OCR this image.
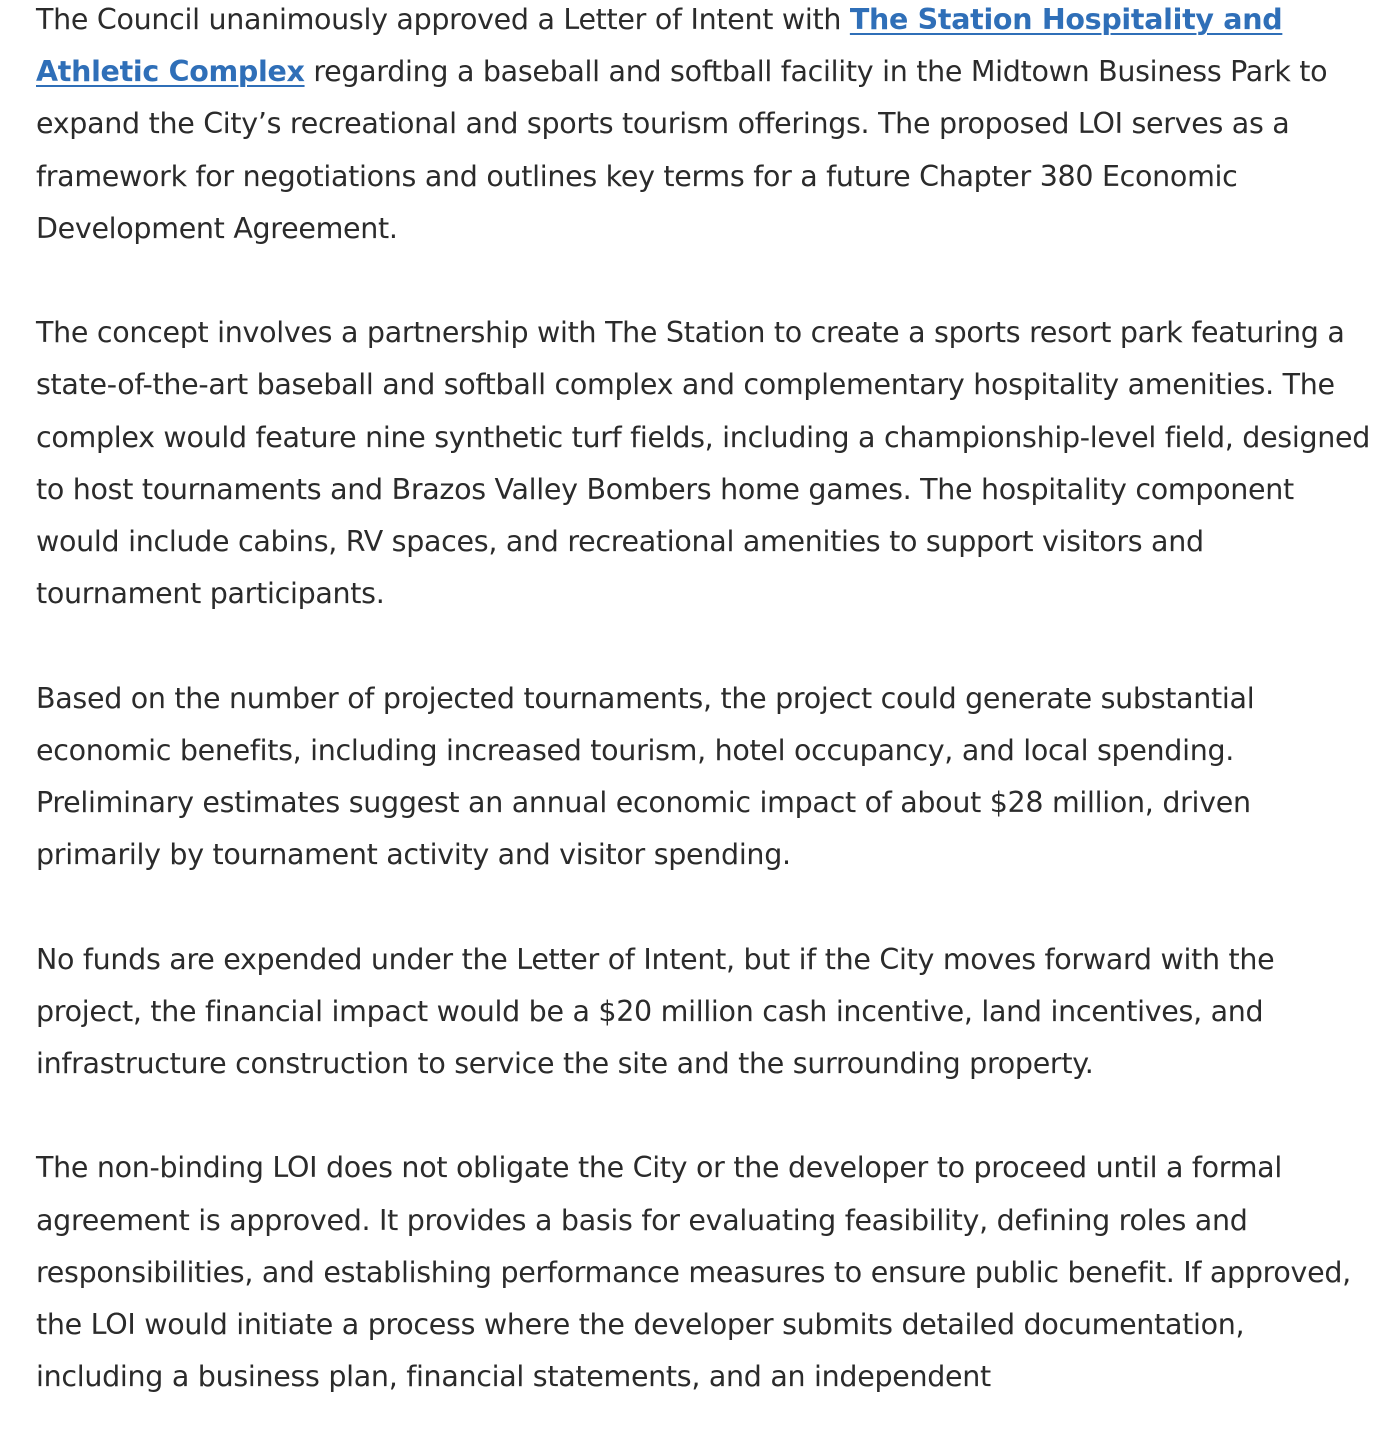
The Council unanimously approved a Letter of Intent with The Station Hospitality and Athletic Complex regarding a baseball and softball facility in the Midtown Business Park to expand the City’s recreational and sports tourism offerings. The proposed LOI serves as a framework for negotiations and outlines key terms for a future Chapter 380 Economic Development Agreement.

The concept involves a partnership with The Station to create a sports resort park featuring a state-of-the-art baseball and softball complex and complementary hospitality amenities. The complex would feature nine synthetic turf fields, including a championship-level field, designed to host tournaments and Brazos Valley Bombers home games. The hospitality component would include cabins, RV spaces, and recreational amenities to support visitors and tournament participants.

Based on the number of projected tournaments, the project could generate substantial economic benefits, including increased tourism, hotel occupancy, and local spending. Preliminary estimates suggest an annual economic impact of about $28 million, driven primarily by tournament activity and visitor spending.

No funds are expended under the Letter of Intent, but if the City moves forward with the project, the financial impact would be a $20 million cash incentive, land incentives, and infrastructure construction to service the site and the surrounding property.

The non-binding LOI does not obligate the City or the developer to proceed until a formal agreement is approved. It provides a basis for evaluating feasibility, defining roles and responsibilities, and establishing performance measures to ensure public benefit. If approved, the LOI would initiate a process where the developer submits detailed documentation, including a business plan, financial statements, and an independent
